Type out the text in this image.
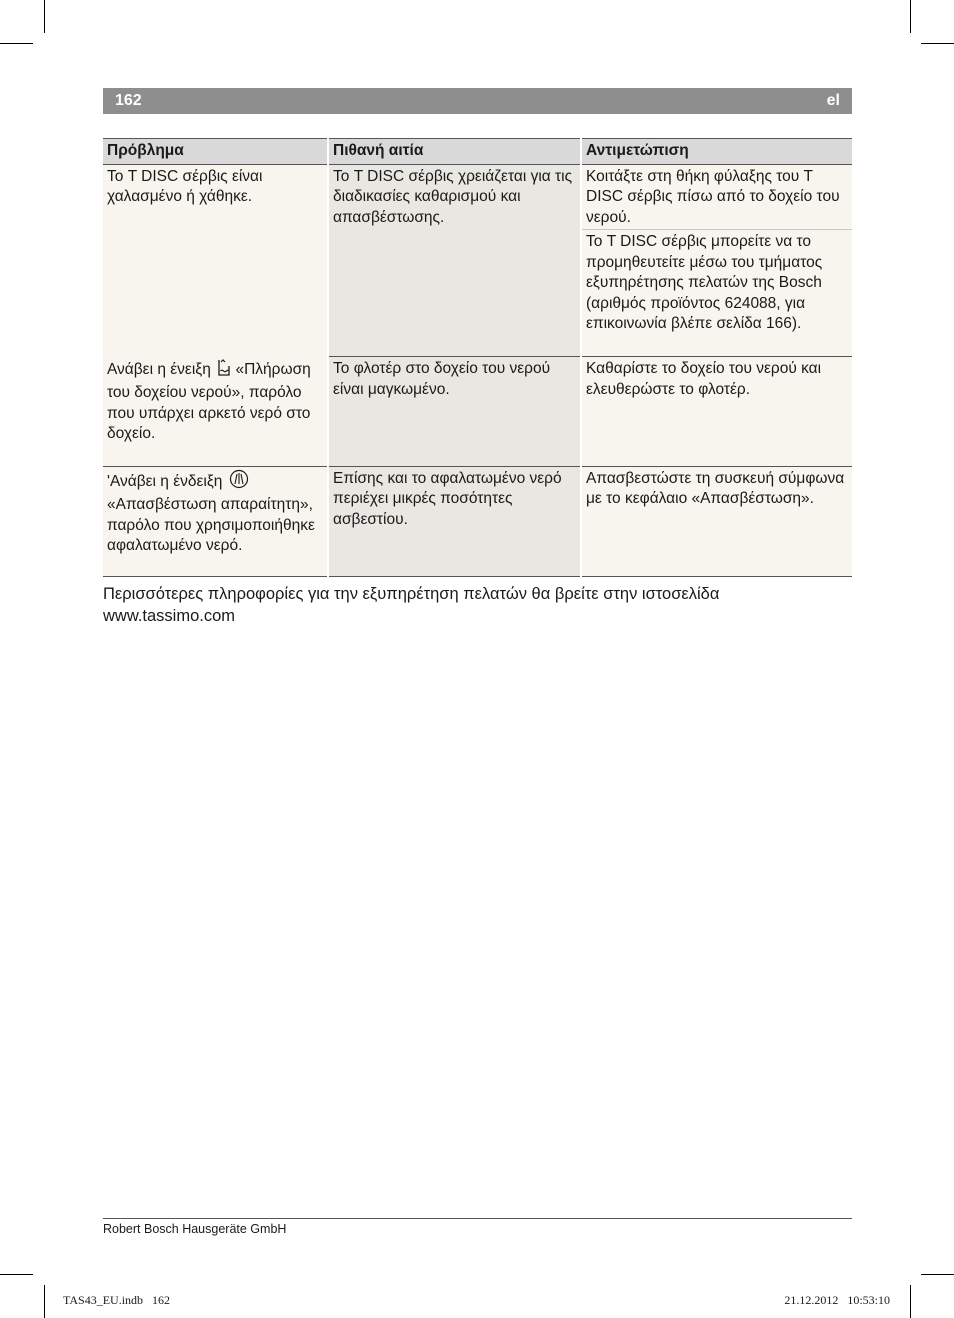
162	el
Πρόβλημα	Πιθανή αιτία	Αντιμετώπιση
Το T DISC σέρβις είναι χαλασμένο ή χάθηκε.	Το T DISC σέρβις χρειάζεται για τις διαδικασίες καθαρισμού και απασβέστωσης.	Κοιτάξτε στη θήκη φύλαξης του T DISC σέρβις πίσω από το δοχείο του νερού.
		Το T DISC σέρβις μπορείτε να το προμηθευτείτε μέσω του τμήματος εξυπηρέτησης πελατών της Bosch (αριθμός προϊόντος 624088, για επικοινωνία βλέπε σελίδα 166).
Ανάβει η ένειξη «Πλήρωση του δοχείου νερού», παρόλο που υπάρχει αρκετό νερό στο δοχείο.	Το φλοτέρ στο δοχείο του νερού είναι μαγκωμένο.	Καθαρίστε το δοχείο του νερού και ελευθερώστε το φλοτέρ.
'Ανάβει η ένδειξη  «Απασβέστωση απαραίτητη», παρόλο που χρησιμοποιήθηκε αφαλατωμένο νερό.	Επίσης και το αφαλατωμένο νερό περιέχει μικρές ποσότητες ασβεστίου.	Απασβεστώστε τη συσκευή σύμφωνα με το κεφάλαιο «Απασβέστωση».
Περισσότερες πληροφορίες για την εξυπηρέτηση πελατών θα βρείτε στην ιστοσελίδα
www.tassimo.com
Robert Bosch Hausgeräte GmbH
TAS43_EU.indb   162	21.12.2012   10:53:10
